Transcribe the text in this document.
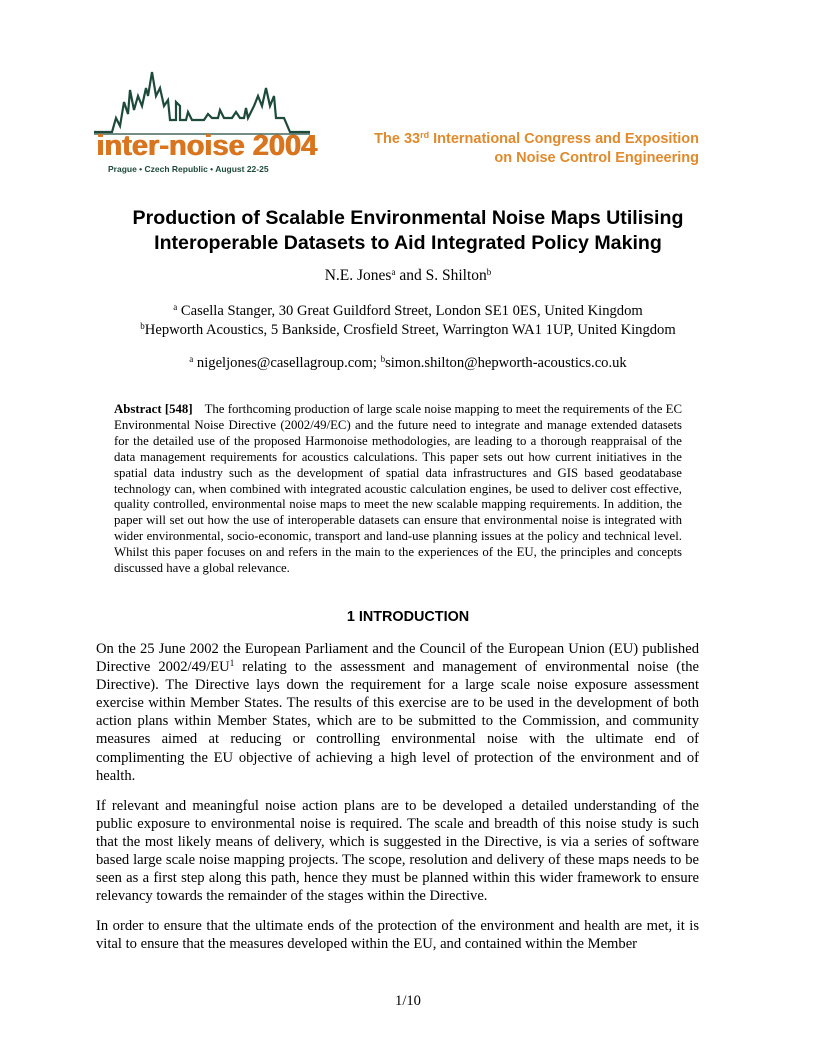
inter-noise 2004
Prague • Czech Republic • August 22-25
The 33rd International Congress and Exposition
on Noise Control Engineering
Production of Scalable Environmental Noise Maps Utilising
Interoperable Datasets to Aid Integrated Policy Making
N.E. Jones$^a$ and S. Shilton$^b$
$^a$ Casella Stanger, 30 Great Guildford Street, London SE1 0ES, United Kingdom
$^b$Hepworth Acoustics, 5 Bankside, Crosfield Street, Warrington WA1 1UP, United Kingdom
$^a$ nigeljones@casellagroup.com; $^b$simon.shilton@hepworth-acoustics.co.uk
Abstract [548] The forthcoming production of large scale noise mapping to meet the requirements of the EC Environmental Noise Directive (2002/49/EC) and the future need to integrate and manage extended datasets for the detailed use of the proposed Harmonoise methodologies, are leading to a thorough reappraisal of the data management requirements for acoustics calculations. This paper sets out how current initiatives in the spatial data industry such as the development of spatial data infrastructures and GIS based geodatabase technology can, when combined with integrated acoustic calculation engines, be used to deliver cost effective, quality controlled, environmental noise maps to meet the new scalable mapping requirements. In addition, the paper will set out how the use of interoperable datasets can ensure that environmental noise is integrated with wider environmental, socio-economic, transport and land-use planning issues at the policy and technical level. Whilst this paper focuses on and refers in the main to the experiences of the EU, the principles and concepts discussed have a global relevance.
1 INTRODUCTION
On the 25 June 2002 the European Parliament and the Council of the European Union (EU) published Directive $2002/49/EU^1$ relating to the assessment and management of environmental noise (the Directive). The Directive lays down the requirement for a large scale noise exposure assessment exercise within Member States. The results of this exercise are to be used in the development of both action plans within Member States, which are to be submitted to the Commission, and community measures aimed at reducing or controlling environmental noise with the ultimate end of complimenting the EU objective of achieving a high level of protection of the environment and of health.
If relevant and meaningful noise action plans are to be developed a detailed understanding of the public exposure to environmental noise is required. The scale and breadth of this noise study is such that the most likely means of delivery, which is suggested in the Directive, is via a series of software based large scale noise mapping projects. The scope, resolution and delivery of these maps needs to be seen as a first step along this path, hence they must be planned within this wider framework to ensure relevancy towards the remainder of the stages within the Directive.
In order to ensure that the ultimate ends of the protection of the environment and health are met, it is vital to ensure that the measures developed within the EU, and contained within the Member
1/10
